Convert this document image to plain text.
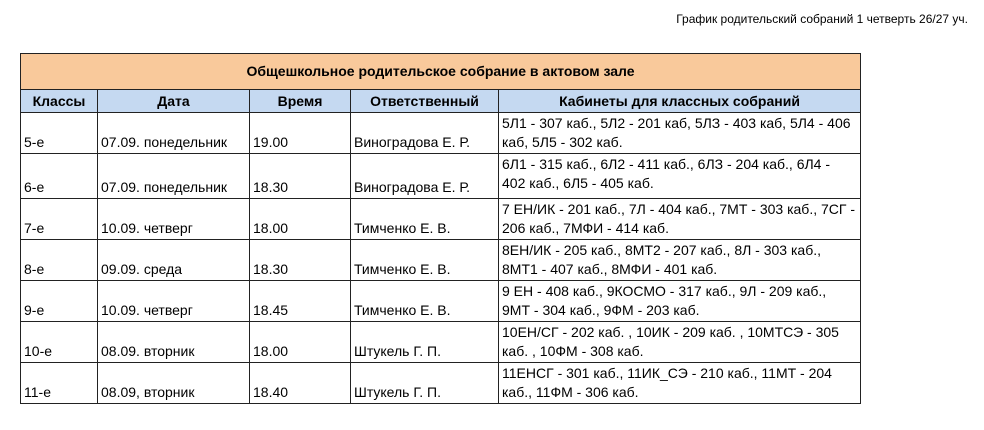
График родительский собраний 1 четверть 26/27 уч.
Общешкольное родительское собрание в актовом зале				
Классы	Дата	Время	Ответственный	Кабинеты для классных собраний
5-е	07.09. понедельник	19.00	Виноградова Е. Р.	5Л1 - 307 каб., 5Л2 - 201 каб, 5ЛЗ - 403 каб, 5Л4 - 406 каб, 5Л5 - 302 каб.
6-е	07.09. понедельник	18.30	Виноградова Е. Р.	6Л1 - 315 каб., 6Л2 - 411 каб., 6ЛЗ - 204 каб., 6Л4 - 402 каб., 6Л5 - 405 каб.
7-е	10.09. четверг	18.00	Тимченко Е. В.	7 ЕН/ИК - 201 каб., 7Л - 404 каб., 7МТ - 303 каб., 7СГ - 206 каб., 7МФИ - 414 каб.
8-е	09.09. среда	18.30	Тимченко Е. В.	8ЕН/ИК - 205 каб., 8МТ2 - 207 каб., 8Л - 303 каб., 8МТ1 - 407 каб., 8МФИ - 401 каб.
9-е	10.09. четверг	18.45	Тимченко Е. В.	9 ЕН - 408 каб., 9КОСМО - 317 каб., 9Л - 209 каб., 9МТ - 304 каб., 9ФМ - 203 каб.
10-е	08.09. вторник	18.00	Штукель Г. П.	10ЕН/СГ - 202 каб. , 10ИК - 209 каб. , 10МТСЭ - 305 каб. , 10ФМ - 308 каб.
11-е	08.09, вторник	18.40	Штукель Г. П.	11ЕНСГ - 301 каб., 11ИК_СЭ - 210 каб., 11МТ - 204 каб., 11ФМ - 306 каб.
